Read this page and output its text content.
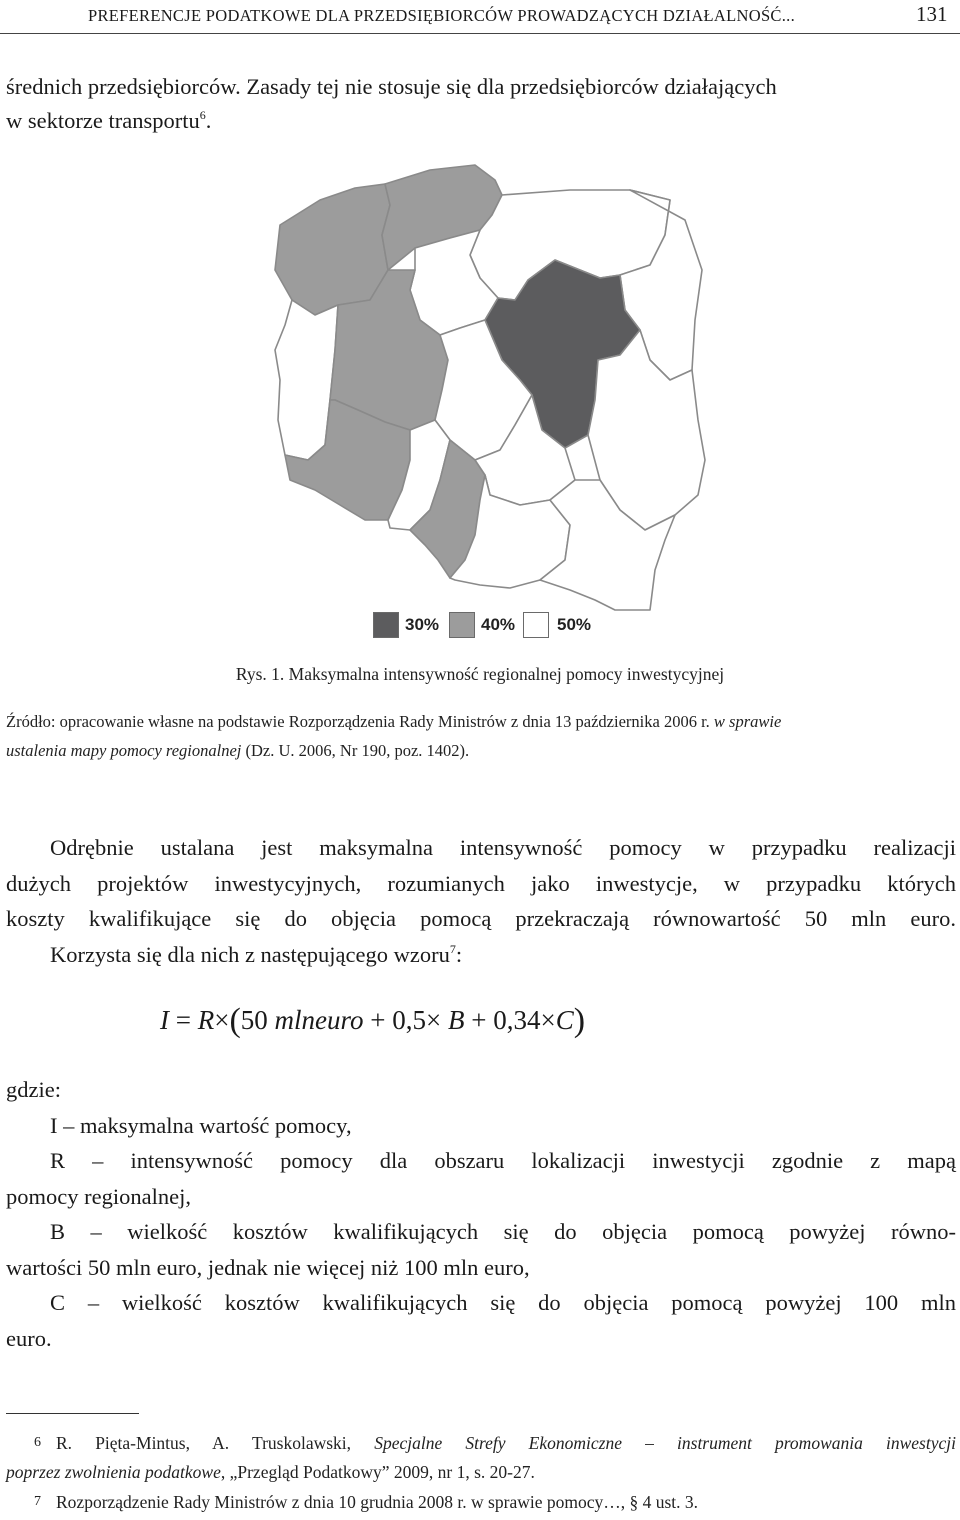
PREFERENCJE PODATKOWE DLA PRZEDSIĘBIORCÓW PROWADZĄCYCH DZIAŁALNOŚĆ...	131
średnich przedsiębiorców. Zasady tej nie stosuje się dla przedsiębiorców działających
w sektorze transportu$^6$.
30% 40% 50%
Rys. 1. Maksymalna intensywność regionalnej pomocy inwestycyjnej
Źródło: opracowanie własne na podstawie Rozporządzenia Rady Ministrów z dnia 13 października 2006 r. w sprawie
ustalenia mapy pomocy regionalnej (Dz. U. 2006, Nr 190, poz. 1402).
Odrębnie ustalana jest maksymalna intensywność pomocy w przypadku realizacji
dużych projektów inwestycyjnych, rozumianych jako inwestycje, w przypadku których
koszty kwalifikujące się do objęcia pomocą przekraczają równowartość 50 mln euro.
Korzysta się dla nich z następującego wzoru$^7$:
I = R×(50 mlneuro + 0,5× B + 0,34×C)
gdzie:
I – maksymalna wartość pomocy,
R – intensywność pomocy dla obszaru lokalizacji inwestycji zgodnie z mapą
pomocy regionalnej,
B – wielkość kosztów kwalifikujących się do objęcia pomocą powyżej równo-
wartości 50 mln euro, jednak nie więcej niż 100 mln euro,
C – wielkość kosztów kwalifikujących się do objęcia pomocą powyżej 100 mln
euro.
6 R. Pięta-Mintus, A. Truskolawski, Specjalne Strefy Ekonomiczne – instrument promowania inwestycji
poprzez zwolnienia podatkowe, „Przegląd Podatkowy” 2009, nr 1, s. 20-27.
7 Rozporządzenie Rady Ministrów z dnia 10 grudnia 2008 r. w sprawie pomocy…, § 4 ust. 3.
